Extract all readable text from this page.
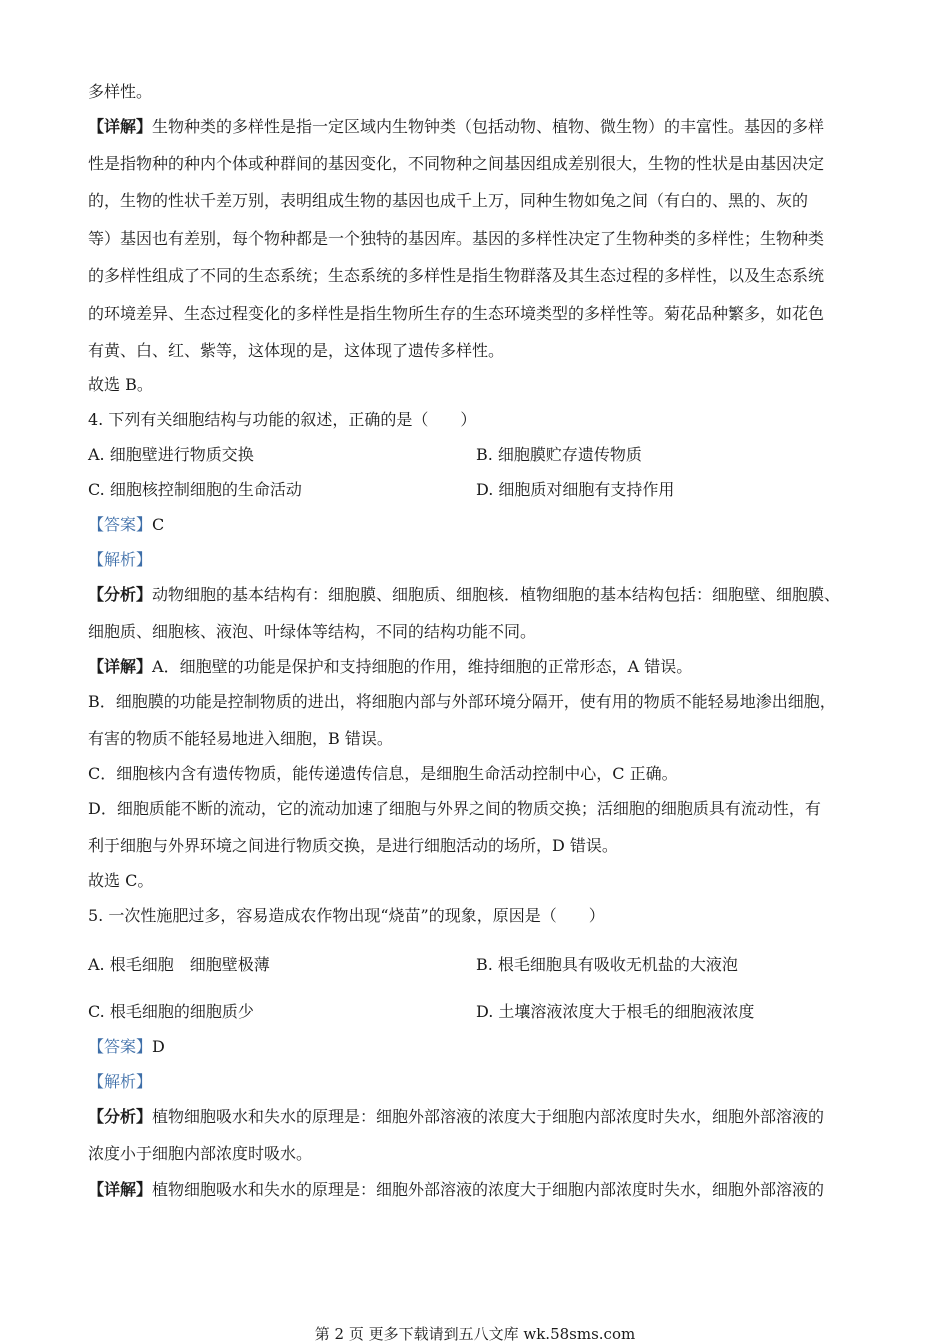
多样性。
【详解】生物种类的多样性是指一定区域内生物钟类（包括动物、植物、微生物）的丰富性。基因的多样
性是指物种的种内个体或种群间的基因变化，不同物种之间基因组成差别很大，生物的性状是由基因决定
的，生物的性状千差万别，表明组成生物的基因也成千上万，同种生物如兔之间（有白的、黑的、灰的
等）基因也有差别，每个物种都是一个独特的基因库。基因的多样性决定了生物种类的多样性；生物种类
的多样性组成了不同的生态系统；生态系统的多样性是指生物群落及其生态过程的多样性，以及生态系统
的环境差异、生态过程变化的多样性是指生物所生存的生态环境类型的多样性等。菊花品种繁多，如花色
有黄、白、红、紫等，这体现的是，这体现了遗传多样性。
故选 B。
4. 下列有关细胞结构与功能的叙述，正确的是（　　）
A. 细胞壁进行物质交换	B. 细胞膜贮存遗传物质
C. 细胞核控制细胞的生命活动	D. 细胞质对细胞有支持作用
【答案】C
【解析】
【分析】动物细胞的基本结构有：细胞膜、细胞质、细胞核．植物细胞的基本结构包括：细胞壁、细胞膜、
细胞质、细胞核、液泡、叶绿体等结构，不同的结构功能不同。
【详解】A．细胞壁的功能是保护和支持细胞的作用，维持细胞的正常形态，A 错误。
B．细胞膜的功能是控制物质的进出，将细胞内部与外部环境分隔开，使有用的物质不能轻易地渗出细胞，
有害的物质不能轻易地进入细胞，B 错误。
C．细胞核内含有遗传物质，能传递遗传信息，是细胞生命活动控制中心，C 正确。
D．细胞质能不断的流动，它的流动加速了细胞与外界之间的物质交换；活细胞的细胞质具有流动性，有
利于细胞与外界环境之间进行物质交换，是进行细胞活动的场所，D 错误。
故选 C。
5. 一次性施肥过多，容易造成农作物出现“烧苗”的现象，原因是（　　）
A. 根毛细胞　细胞壁极薄	B. 根毛细胞具有吸收无机盐的大液泡
C. 根毛细胞的细胞质少	D. 土壤溶液浓度大于根毛的细胞液浓度
【答案】D
【解析】
【分析】植物细胞吸水和失水的原理是：细胞外部溶液的浓度大于细胞内部浓度时失水，细胞外部溶液的
浓度小于细胞内部浓度时吸水。
【详解】植物细胞吸水和失水的原理是：细胞外部溶液的浓度大于细胞内部浓度时失水，细胞外部溶液的
第 2 页 更多下载请到五八文库 wk.58sms.com
